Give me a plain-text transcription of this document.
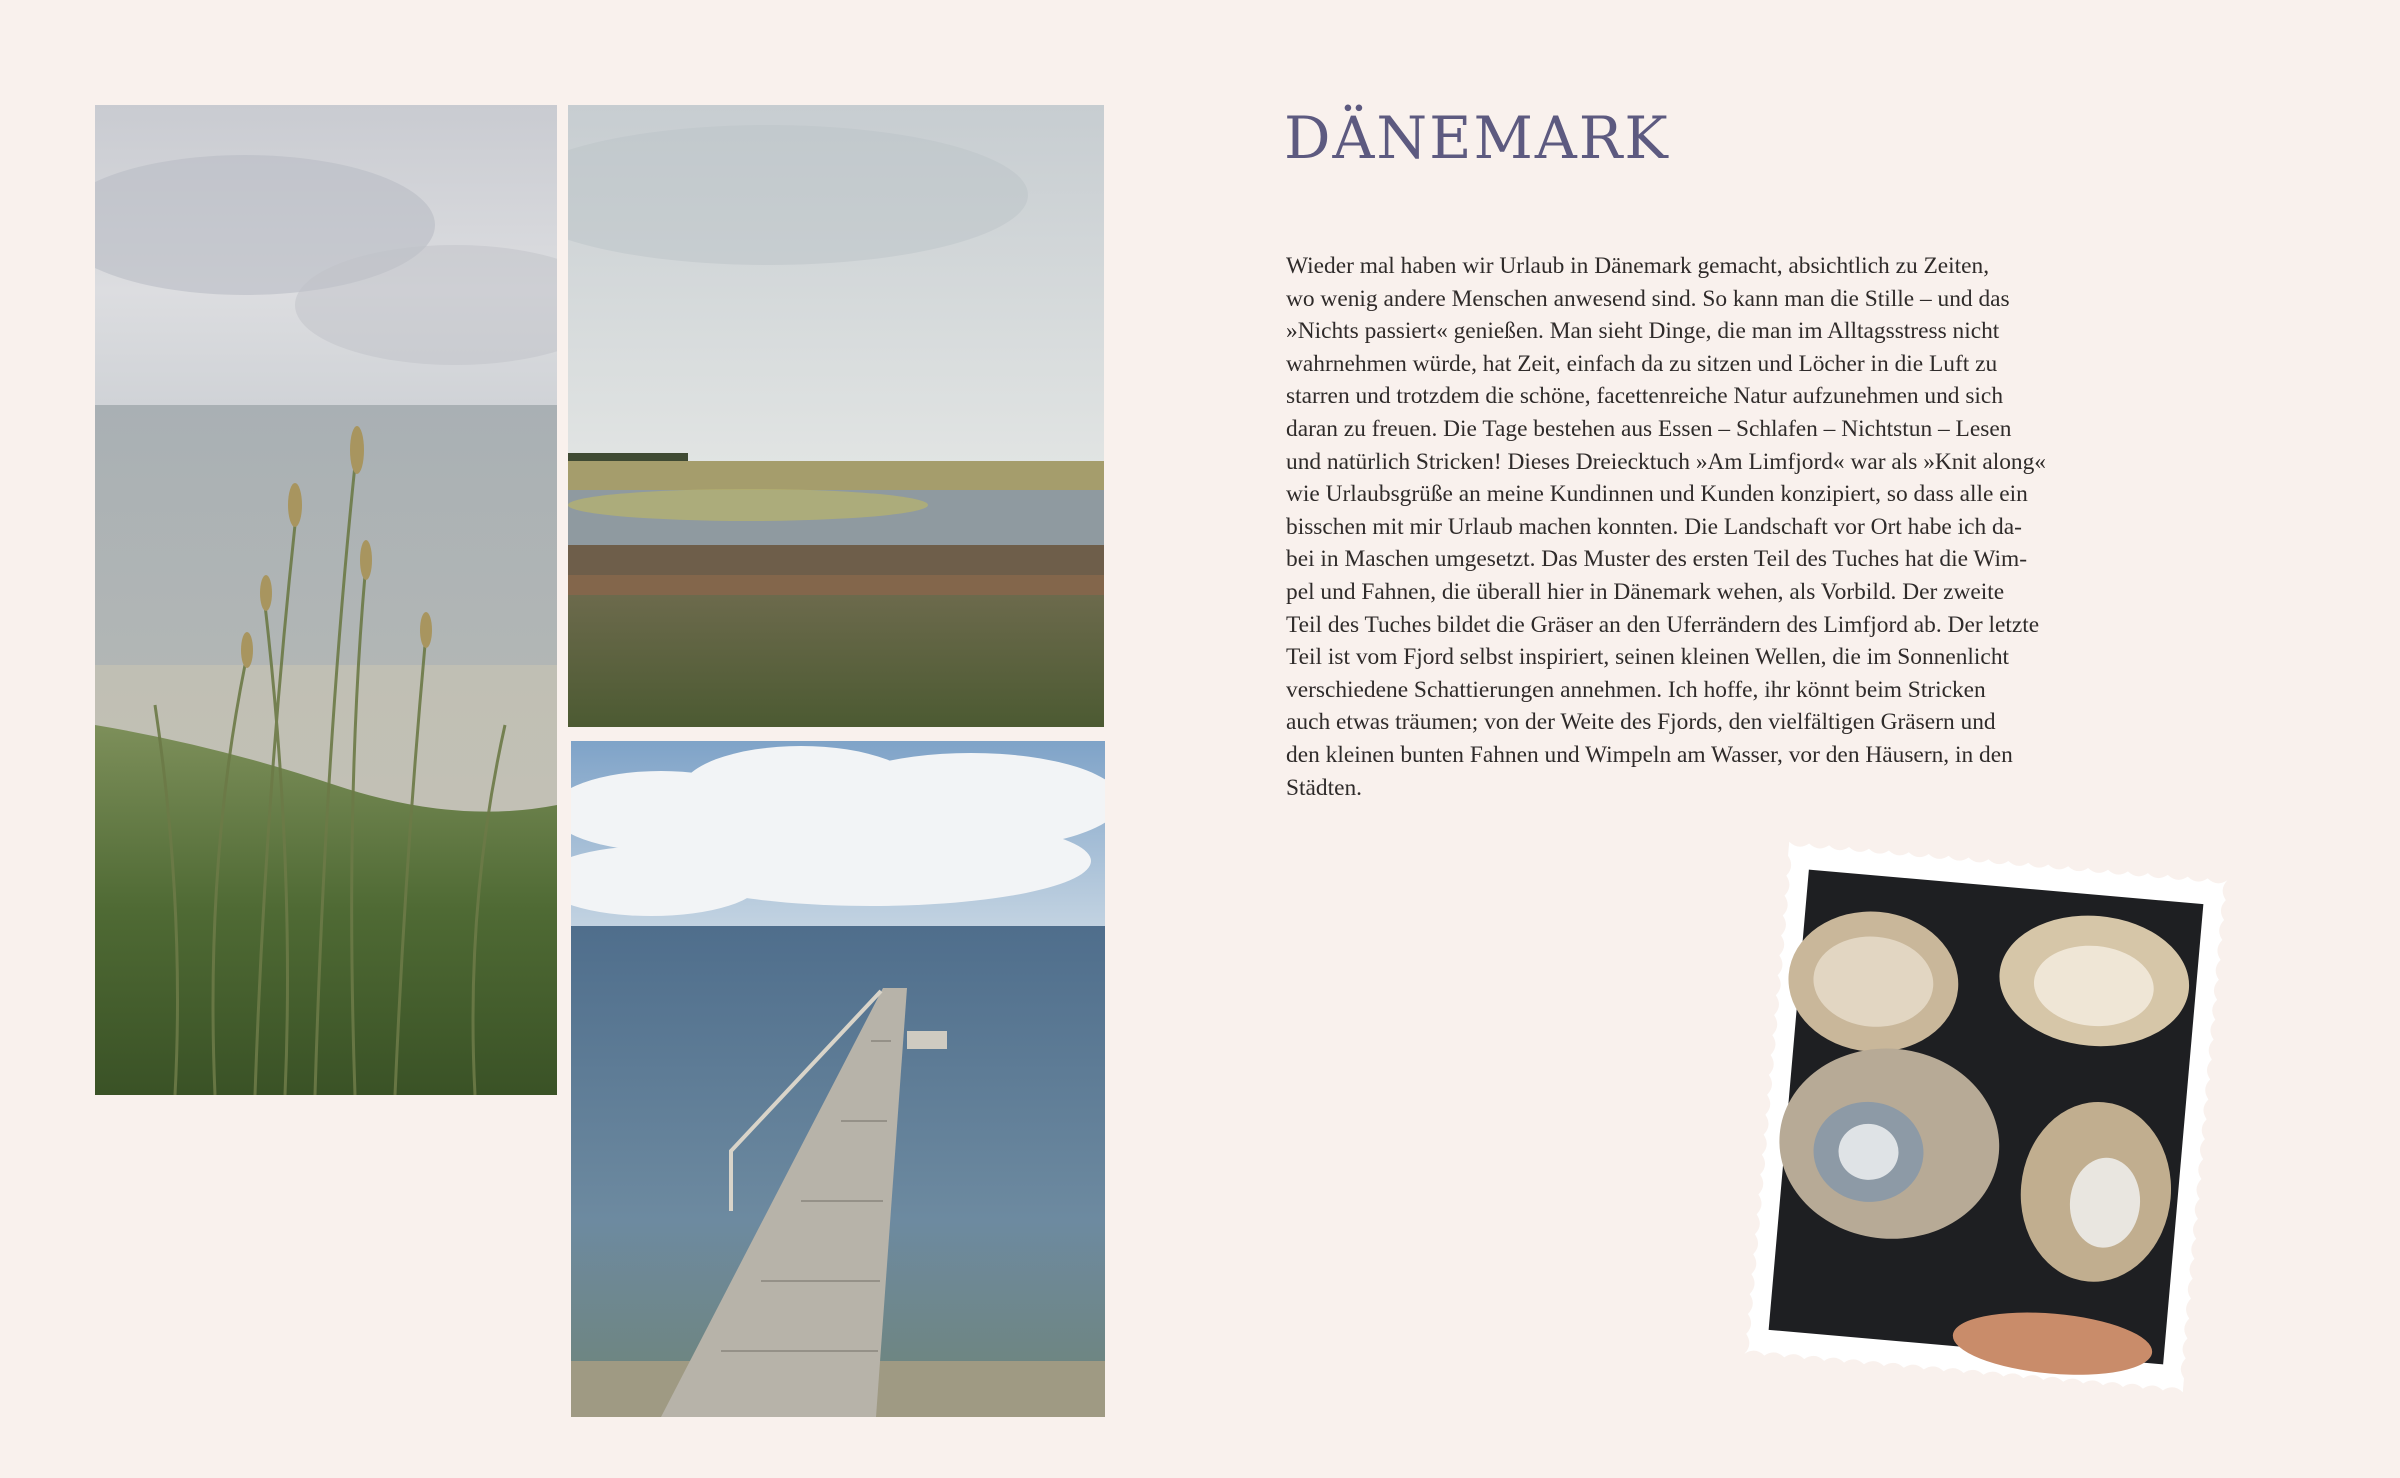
DÄNEMARK

Wieder mal haben wir Urlaub in Dänemark gemacht, absichtlich zu Zeiten,
wo wenig andere Menschen anwesend sind. So kann man die Stille – und das
»Nichts passiert« genießen. Man sieht Dinge, die man im Alltagsstress nicht
wahrnehmen würde, hat Zeit, einfach da zu sitzen und Löcher in die Luft zu
starren und trotzdem die schöne, facettenreiche Natur aufzunehmen und sich
daran zu freuen. Die Tage bestehen aus Essen – Schlafen – Nichtstun – Lesen
und natürlich Stricken! Dieses Dreiecktuch »Am Limfjord« war als »Knit along«
wie Urlaubsgrüße an meine Kundinnen und Kunden konzipiert, so dass alle ein
bisschen mit mir Urlaub machen konnten. Die Landschaft vor Ort habe ich da-
bei in Maschen umgesetzt. Das Muster des ersten Teil des Tuches hat die Wim-
pel und Fahnen, die überall hier in Dänemark wehen, als Vorbild. Der zweite
Teil des Tuches bildet die Gräser an den Uferrändern des Limfjord ab. Der letzte
Teil ist vom Fjord selbst inspiriert, seinen kleinen Wellen, die im Sonnenlicht
verschiedene Schattierungen annehmen. Ich hoffe, ihr könnt beim Stricken
auch etwas träumen; von der Weite des Fjords, den vielfältigen Gräsern und
den kleinen bunten Fahnen und Wimpeln am Wasser, vor den Häusern, in den
Städten.
